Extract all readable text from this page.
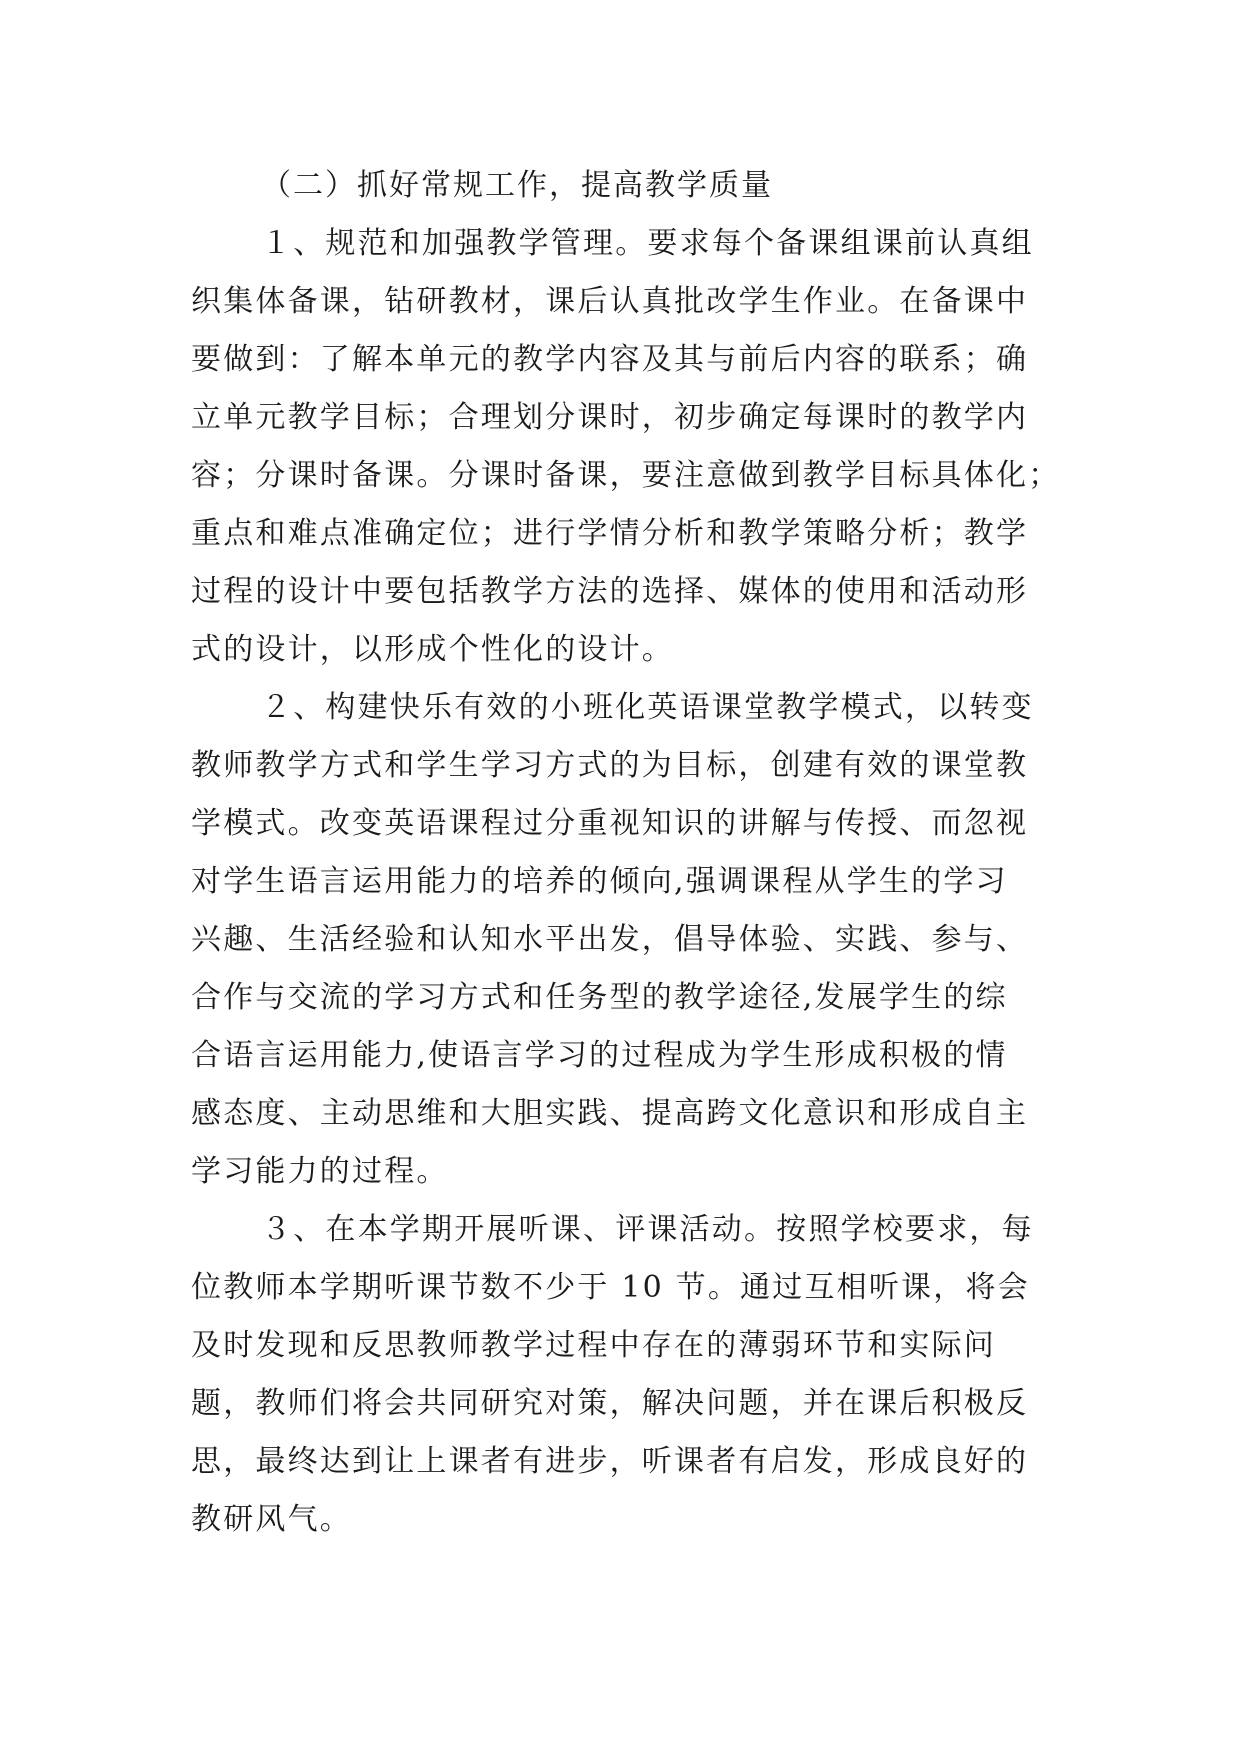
（二）抓好常规工作，提高教学质量
１、规范和加强教学管理。要求每个备课组课前认真组
织集体备课，钻研教材，课后认真批改学生作业。在备课中
要做到：了解本单元的教学内容及其与前后内容的联系；确
立单元教学目标；合理划分课时，初步确定每课时的教学内
容；分课时备课。分课时备课，要注意做到教学目标具体化；
重点和难点准确定位；进行学情分析和教学策略分析；教学
过程的设计中要包括教学方法的选择、媒体的使用和活动形
式的设计，以形成个性化的设计。
２、构建快乐有效的小班化英语课堂教学模式，以转变
教师教学方式和学生学习方式的为目标，创建有效的课堂教
学模式。改变英语课程过分重视知识的讲解与传授、而忽视
对学生语言运用能力的培养的倾向,强调课程从学生的学习
兴趣、生活经验和认知水平出发，倡导体验、实践、参与、
合作与交流的学习方式和任务型的教学途径,发展学生的综
合语言运用能力,使语言学习的过程成为学生形成积极的情
感态度、主动思维和大胆实践、提高跨文化意识和形成自主
学习能力的过程。
３、在本学期开展听课、评课活动。按照学校要求，每
位教师本学期听课节数不少于 10 节。通过互相听课，将会
及时发现和反思教师教学过程中存在的薄弱环节和实际问
题，教师们将会共同研究对策，解决问题，并在课后积极反
思，最终达到让上课者有进步，听课者有启发，形成良好的
教研风气。
